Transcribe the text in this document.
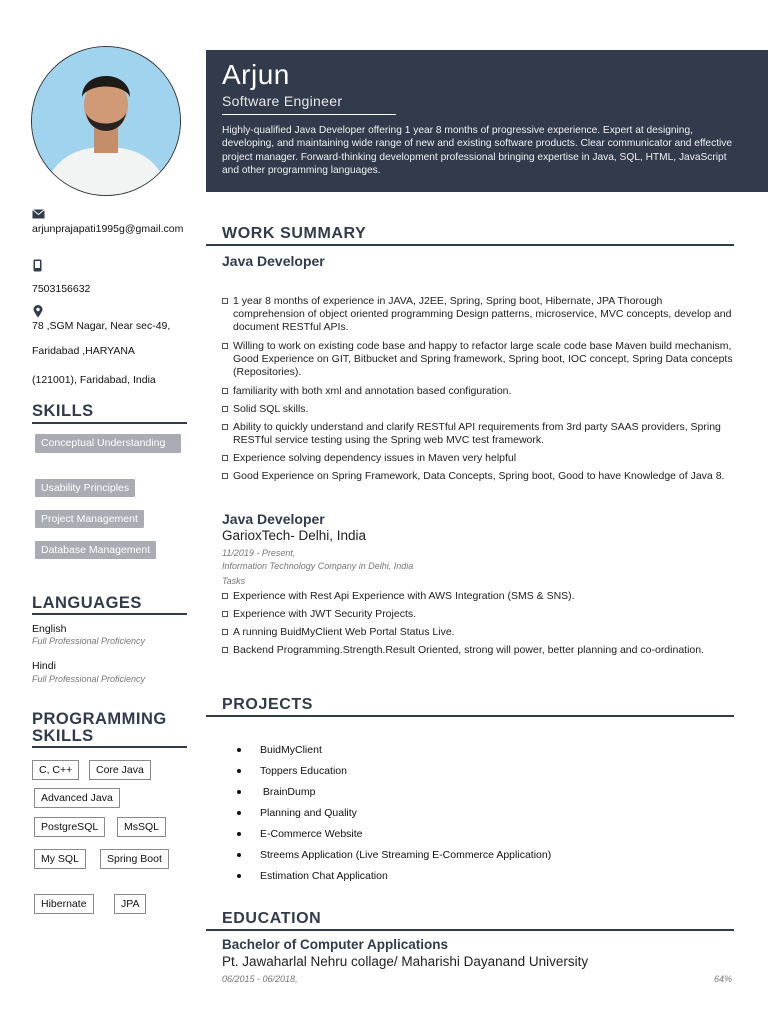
Arjun
Software Engineer
Highly-qualified Java Developer offering 1 year 8 months of progressive experience. Expert at designing, developing, and maintaining wide range of new and existing software products. Clear communicator and effective project manager. Forward-thinking development professional bringing expertise in Java, SQL, HTML, JavaScript and other programming languages.
arjunprajapati1995g@gmail.com
7503156632
78 ,SGM Nagar, Near sec-49,
Faridabad ,HARYANA
(121001), Faridabad, India
SKILLS
Conceptual Understanding
Usability Principles
Project Management
Database Management
LANGUAGES
English
Full Professional Proficiency
Hindi
Full Professional Proficiency
PROGRAMMING SKILLS
C, C++	Core Java
Advanced Java
PostgreSQL	MsSQL
My SQL	Spring Boot
Hibernate	JPA
WORK SUMMARY
Java Developer
1 year 8 months of experience in JAVA, J2EE, Spring, Spring boot, Hibernate, JPA Thorough comprehension of object oriented programming Design patterns, microservice, MVC concepts, develop and document RESTful APIs.
Willing to work on existing code base and happy to refactor large scale code base Maven build mechanism, Good Experience on GIT, Bitbucket and Spring framework, Spring boot, IOC concept, Spring Data concepts (Repositories).
familiarity with both xml and annotation based configuration.
Solid SQL skills.
Ability to quickly understand and clarify RESTful API requirements from 3rd party SAAS providers, Spring RESTful service testing using the Spring web MVC test framework.
Experience solving dependency issues in Maven very helpful
Good Experience on Spring Framework, Data Concepts, Spring boot, Good to have Knowledge of Java 8.
Java Developer
GarioxTech- Delhi, India
11/2019 - Present,
Information Technology Company in Delhi, India
Tasks
Experience with Rest Api Experience with AWS Integration (SMS & SNS).
Experience with JWT Security Projects.
A running BuidMyClient Web Portal Status Live.
Backend Programming.Strength.Result Oriented, strong will power, better planning and co-ordination.
PROJECTS
BuidMyClient
Toppers Education
BrainDump
Planning and Quality
E-Commerce Website
Streems Application (Live Streaming E-Commerce Application)
Estimation Chat Application
EDUCATION
Bachelor of Computer Applications
Pt. Jawaharlal Nehru collage/ Maharishi Dayanand University
06/2015 - 06/2018,	64%
